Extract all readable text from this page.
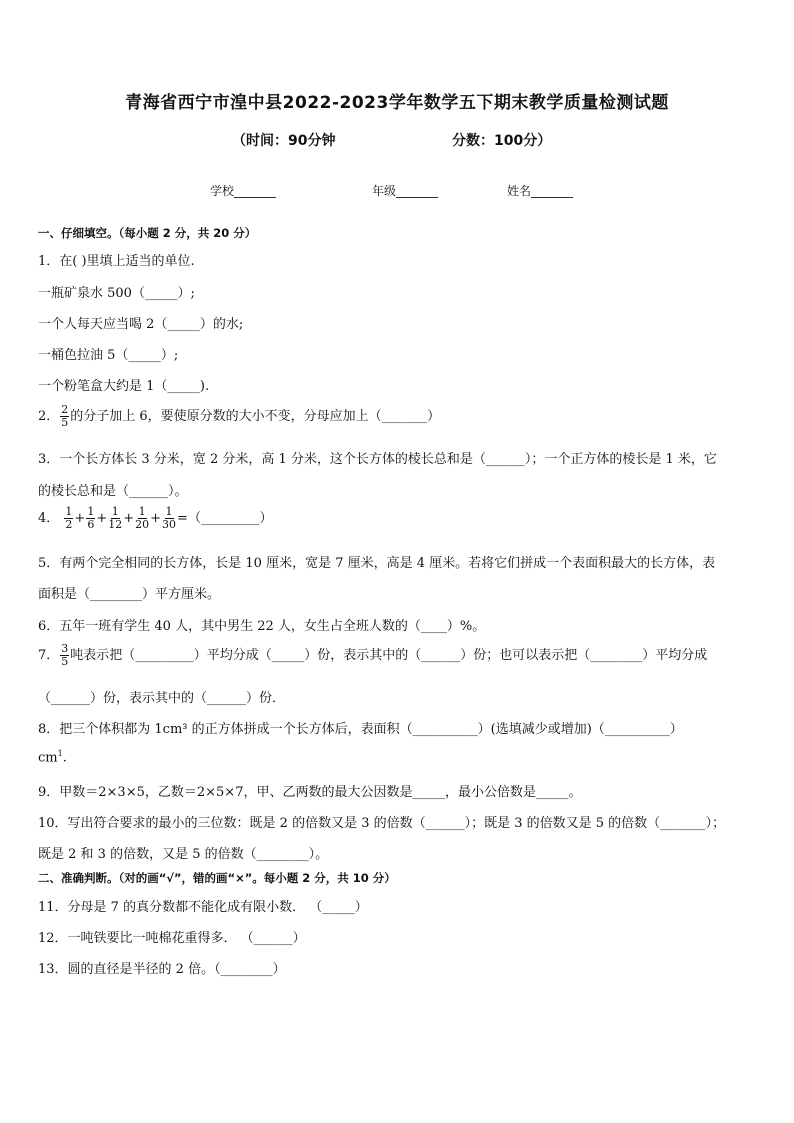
青海省西宁市湟中县2022-2023学年数学五下期末教学质量检测试题
（时间：90分钟	分数：100分）
学校_______	年级_______	姓名_______
一、仔细填空。（每小题 2 分，共 20 分）
1．在( )里填上适当的单位.
一瓶矿泉水 500（_____）;
一个人每天应当喝 2（_____）的水;
一桶色拉油 5（_____）;
一个粉笔盒大约是 1（_____).
2． $\frac{2}{5}$ 的分子加上 6，要使原分数的大小不变，分母应加上（_______）
3．一个长方体长 3 分米，宽 2 分米，高 1 分米，这个长方体的棱长总和是（______）；一个正方体的棱长是 1 米，它
的棱长总和是（______）。
4． $\frac{1}{2} + \frac{1}{6} + \frac{1}{12} + \frac{1}{20} + \frac{1}{30}$ =（_________）
5．有两个完全相同的长方体，长是 10 厘米，宽是 7 厘米，高是 4 厘米。若将它们拼成一个表面积最大的长方体，表
面积是（________）平方厘米。
6．五年一班有学生 40 人，其中男生 22 人，女生占全班人数的（____）%。
7． $\frac{3}{5}$ 吨表示把（_________）平均分成（_____）份，表示其中的（______）份；也可以表示把（________）平均分成
（______）份，表示其中的（______）份．
8．把三个体积都为 1cm³ 的正方体拼成一个长方体后，表面积（__________）(选填减少或增加)（__________）
$cm^1$.
9．甲数＝2×3×5，乙数＝2×5×7，甲、乙两数的最大公因数是_____，最小公倍数是_____。
10．写出符合要求的最小的三位数：既是 2 的倍数又是 3 的倍数（______）；既是 3 的倍数又是 5 的倍数（_______）；
既是 2 和 3 的倍数，又是 5 的倍数（________）。
二、准确判断。（对的画“√”，错的画“×”。每小题 2 分，共 10 分）
11．分母是 7 的真分数都不能化成有限小数． （_____）
12．一吨铁要比一吨棉花重得多． （______）
13．圆的直径是半径的 2 倍。（________）
